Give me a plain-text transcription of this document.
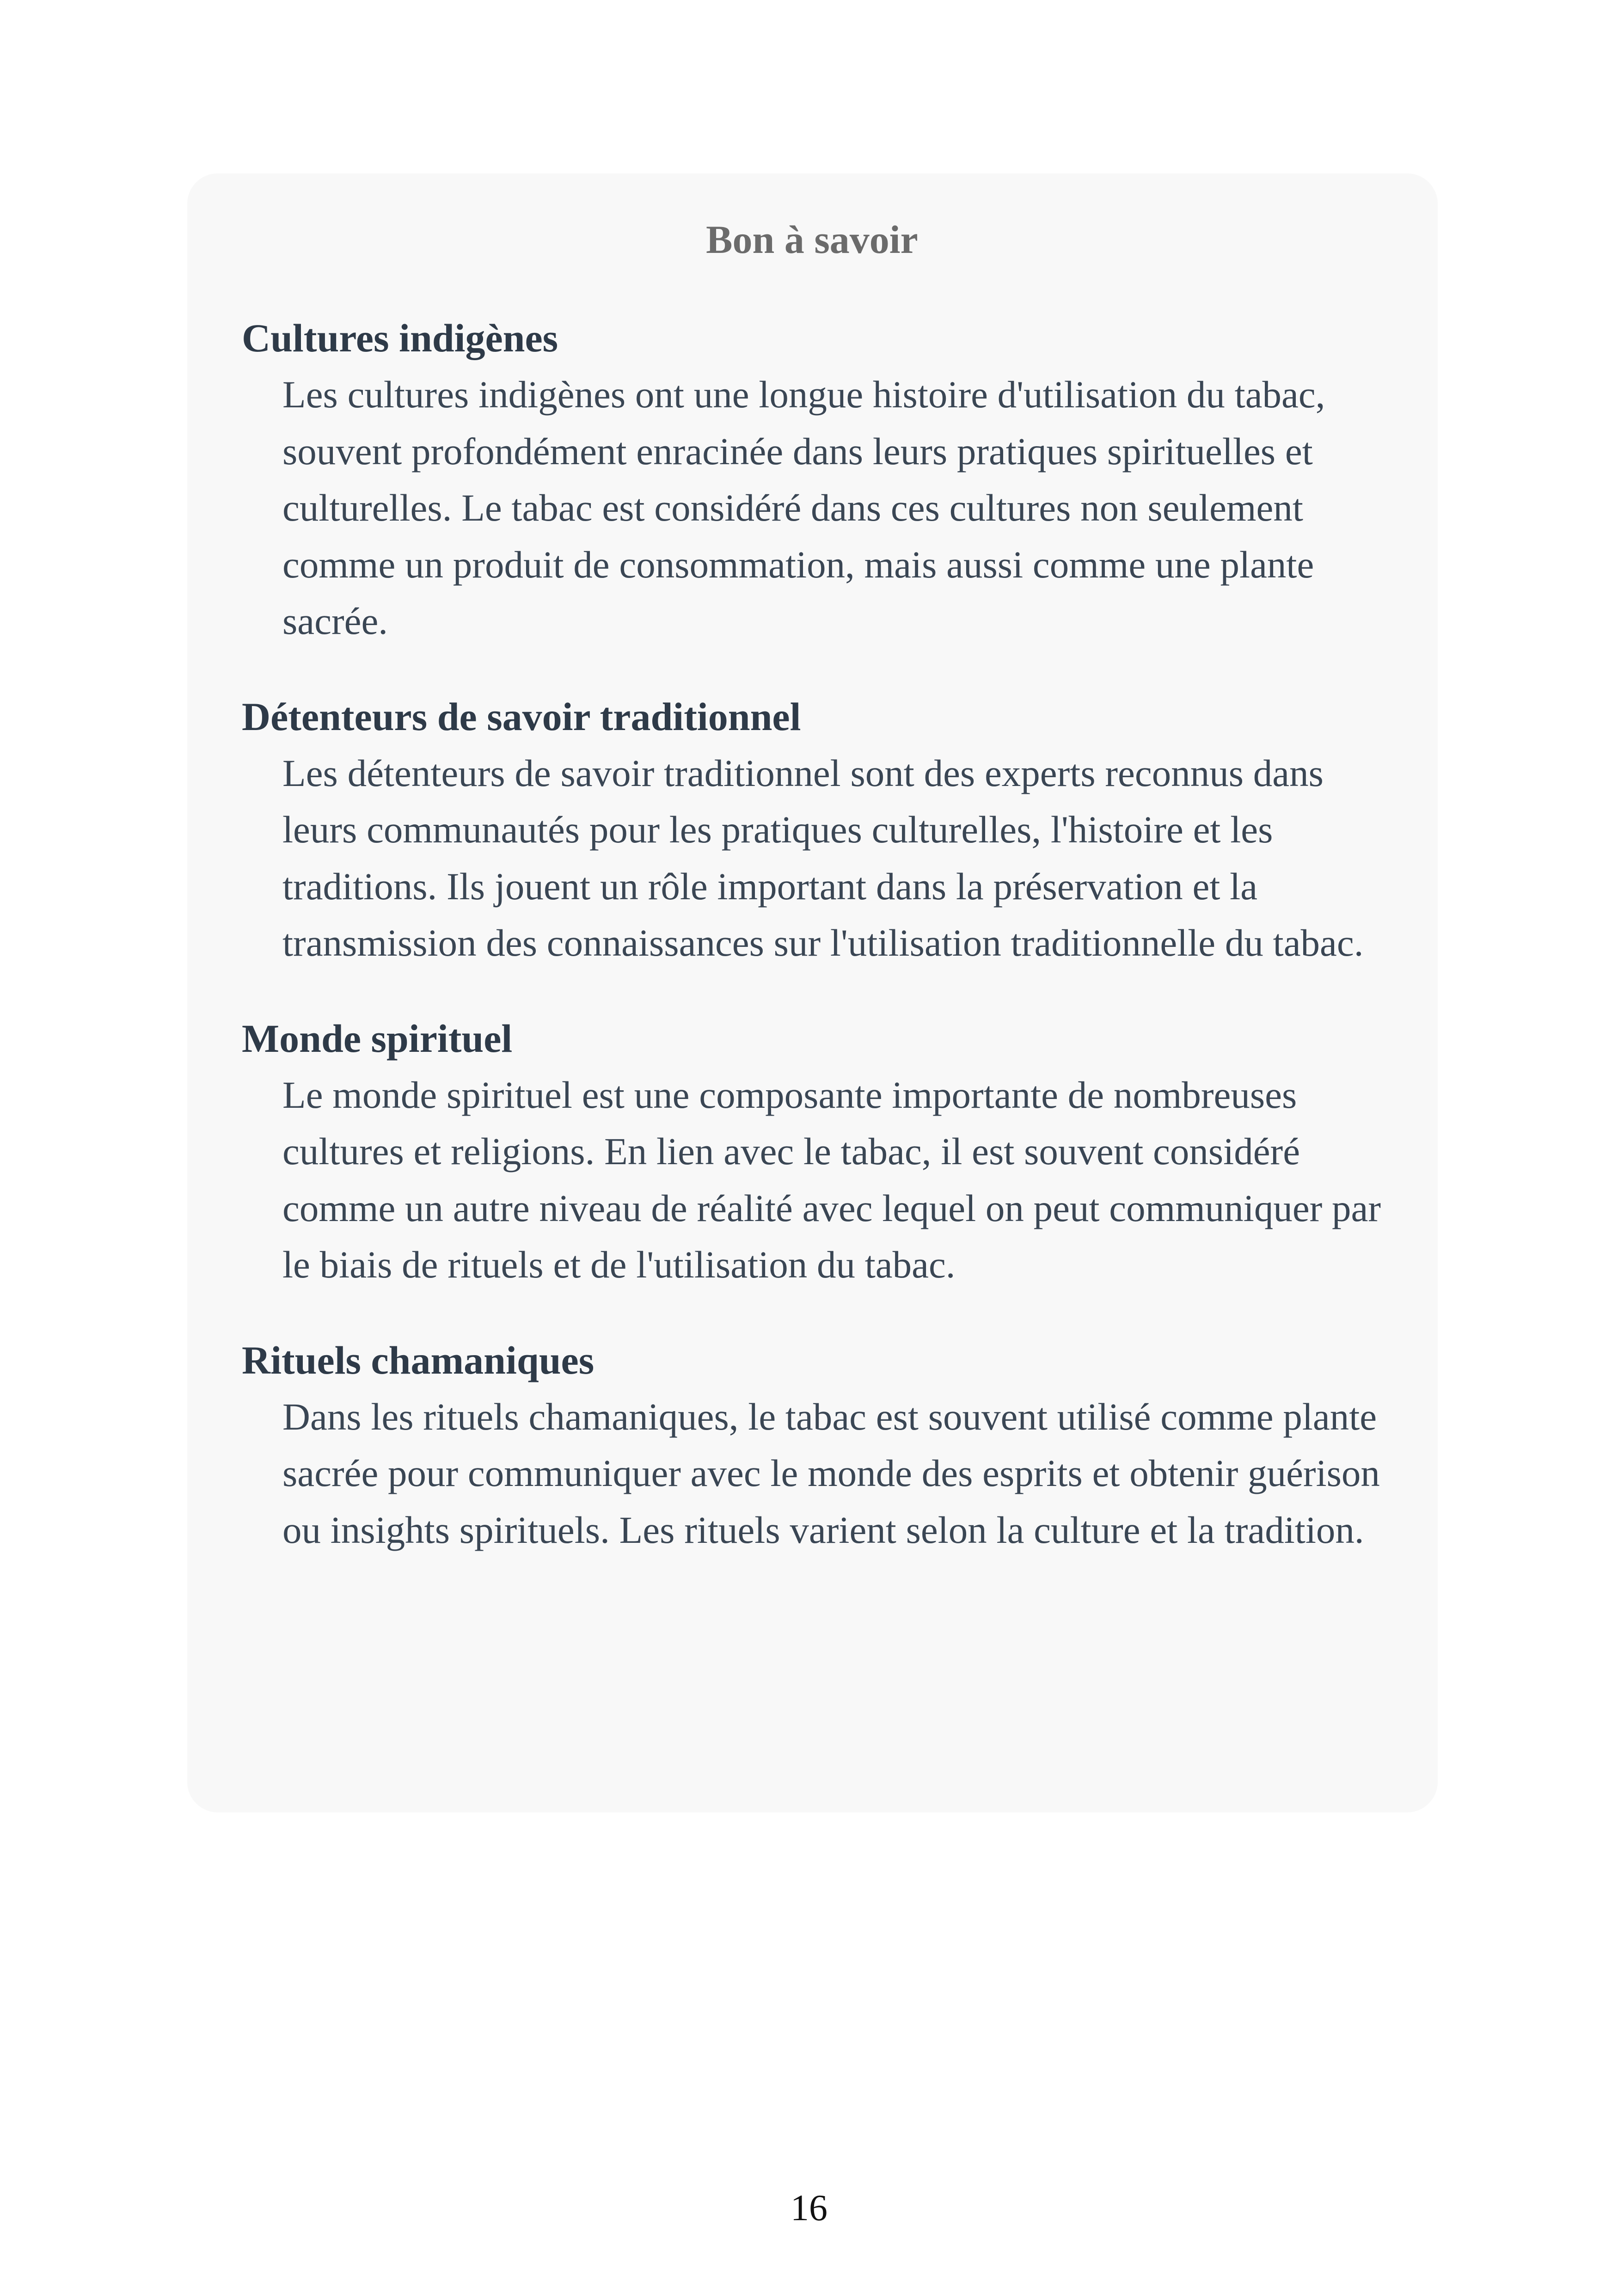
Bon à savoir

Cultures indigènes

Les cultures indigènes ont une longue histoire d'utilisation du tabac, souvent profondément enracinée dans leurs pratiques spirituelles et culturelles. Le tabac est considéré dans ces cultures non seulement comme un produit de consommation, mais aussi comme une plante sacrée.

Détenteurs de savoir traditionnel

Les détenteurs de savoir traditionnel sont des experts reconnus dans leurs communautés pour les pratiques culturelles, l'histoire et les traditions. Ils jouent un rôle important dans la préservation et la transmission des connaissances sur l'utilisation traditionnelle du tabac.

Monde spirituel

Le monde spirituel est une composante importante de nombreuses cultures et religions. En lien avec le tabac, il est souvent considéré comme un autre niveau de réalité avec lequel on peut communiquer par le biais de rituels et de l'utilisation du tabac.

Rituels chamaniques

Dans les rituels chamaniques, le tabac est souvent utilisé comme plante sacrée pour communiquer avec le monde des esprits et obtenir guérison ou insights spirituels. Les rituels varient selon la culture et la tradition.

16
